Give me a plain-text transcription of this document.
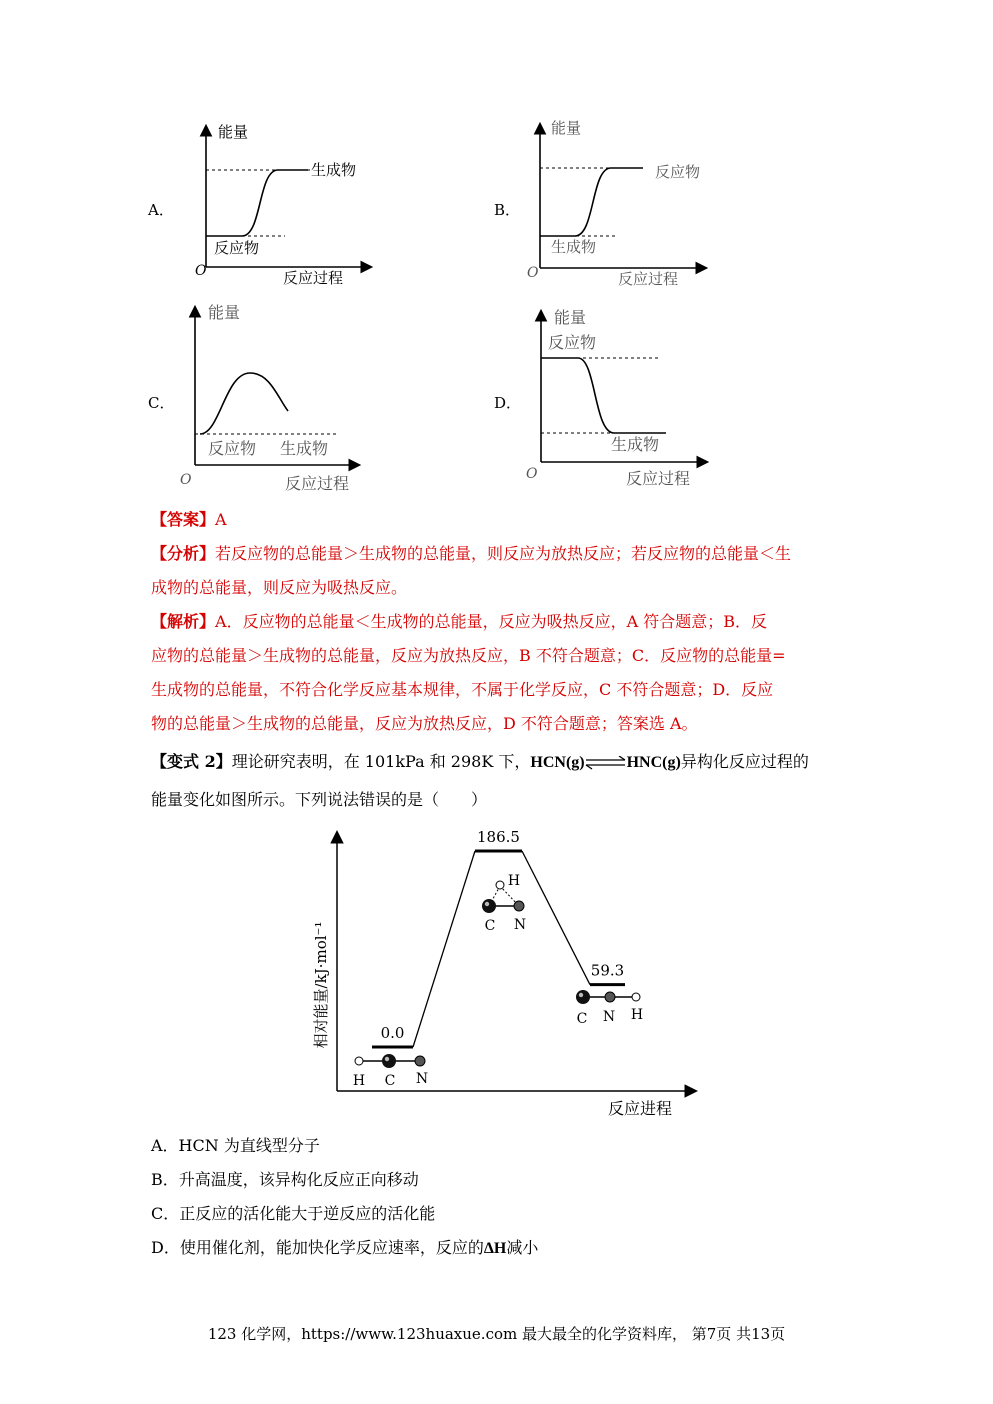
A．
能量
生成物
反应物
O	反应过程
B．
能量
反应物
生成物
O	反应过程
C．
能量
反应物 生成物
O	反应过程
D．
能量
反应物
生成物
O	反应过程
【答案】A
【分析】若反应物的总能量＞生成物的总能量，则反应为放热反应；若反应物的总能量＜生
成物的总能量，则反应为吸热反应。
【解析】A．反应物的总能量＜生成物的总能量，反应为吸热反应，A 符合题意；B．反
应物的总能量＞生成物的总能量，反应为放热反应，B 不符合题意；C．反应物的总能量=
生成物的总能量，不符合化学反应基本规律，不属于化学反应，C 不符合题意；D．反应
物的总能量＞生成物的总能量，反应为放热反应，D 不符合题意；答案选 A。
【变式 2】理论研究表明，在 101kPa 和 298K 下，HCN(g)⇌HNC(g)异构化反应过程的
能量变化如图所示。下列说法错误的是（　　）
相对能量/kJ·mol⁻¹
反应进程
0.0
186.5
59.3
H C N
H
C N
C N H
A．HCN 为直线型分子
B．升高温度，该异构化反应正向移动
C．正反应的活化能大于逆反应的活化能
D．使用催化剂，能加快化学反应速率，反应的ΔH减小
123 化学网，https://www.123huaxue.com 最大最全的化学资料库， 第7页 共13页
